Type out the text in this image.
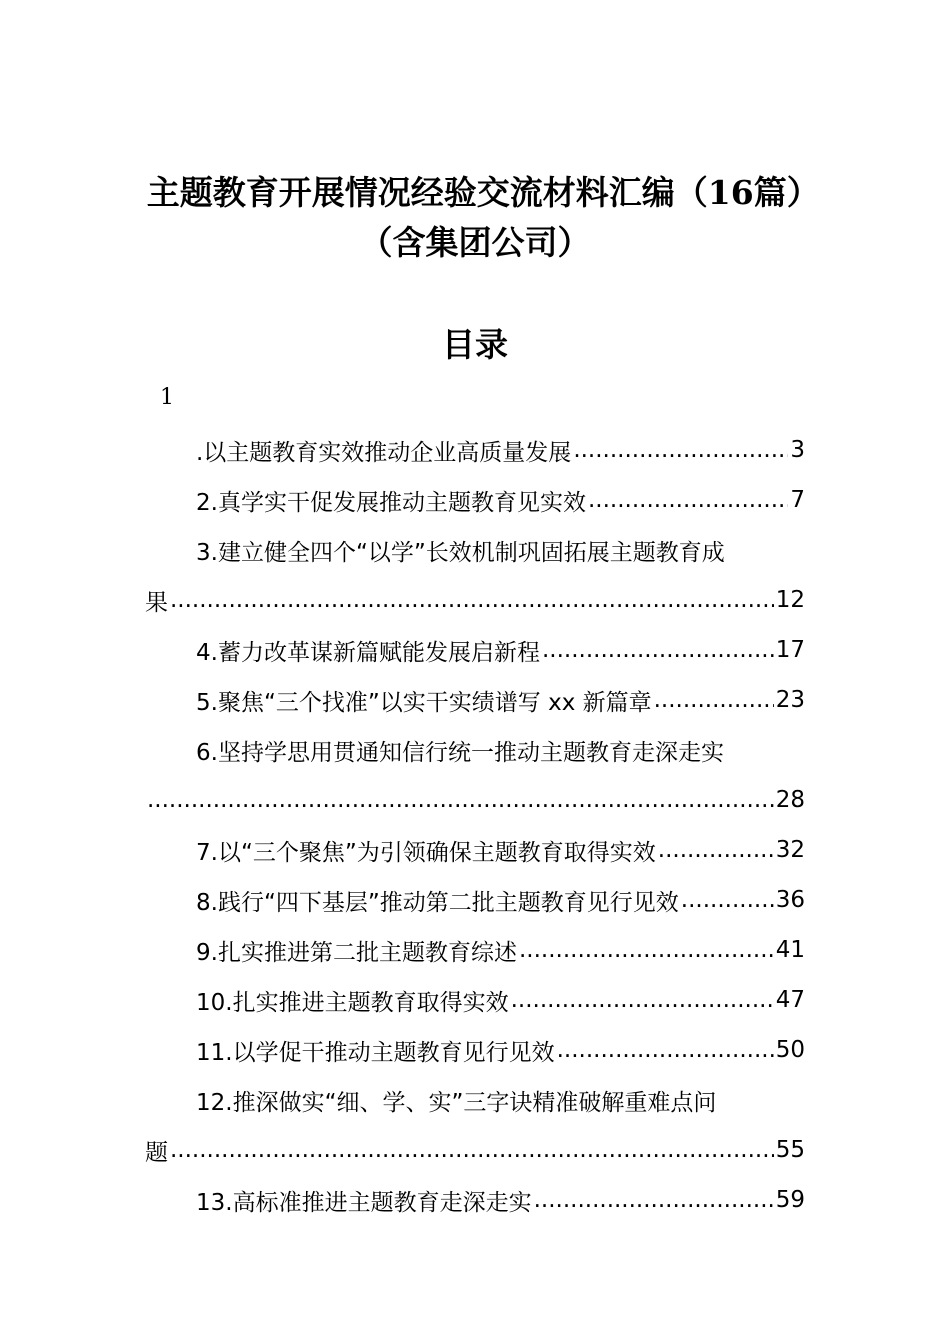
主题教育开展情况经验交流材料汇编（16篇）（含集团公司）
目录
1
.以主题教育实效推动企业高质量发展 .....	3
2.真学实干促发展推动主题教育见实效 .....	7
3.建立健全四个“以学”长效机制巩固拓展主题教育成
果 .....	12
4.蓄力改革谋新篇赋能发展启新程 .....	17
5.聚焦“三个找准”以实干实绩谱写 xx 新篇章 .....	23
6.坚持学思用贯通知信行统一推动主题教育走深走实
.....
28
7.以“三个聚焦”为引领确保主题教育取得实效 .....	32
8.践行“四下基层”推动第二批主题教育见行见效 .....	36
9.扎实推进第二批主题教育综述 .....	41
10.扎实推进主题教育取得实效 .....	47
11.以学促干推动主题教育见行见效 .....	50
12.推深做实“细、学、实”三字诀精准破解重难点问
题 .....	55
13.高标准推进主题教育走深走实 .....	59
